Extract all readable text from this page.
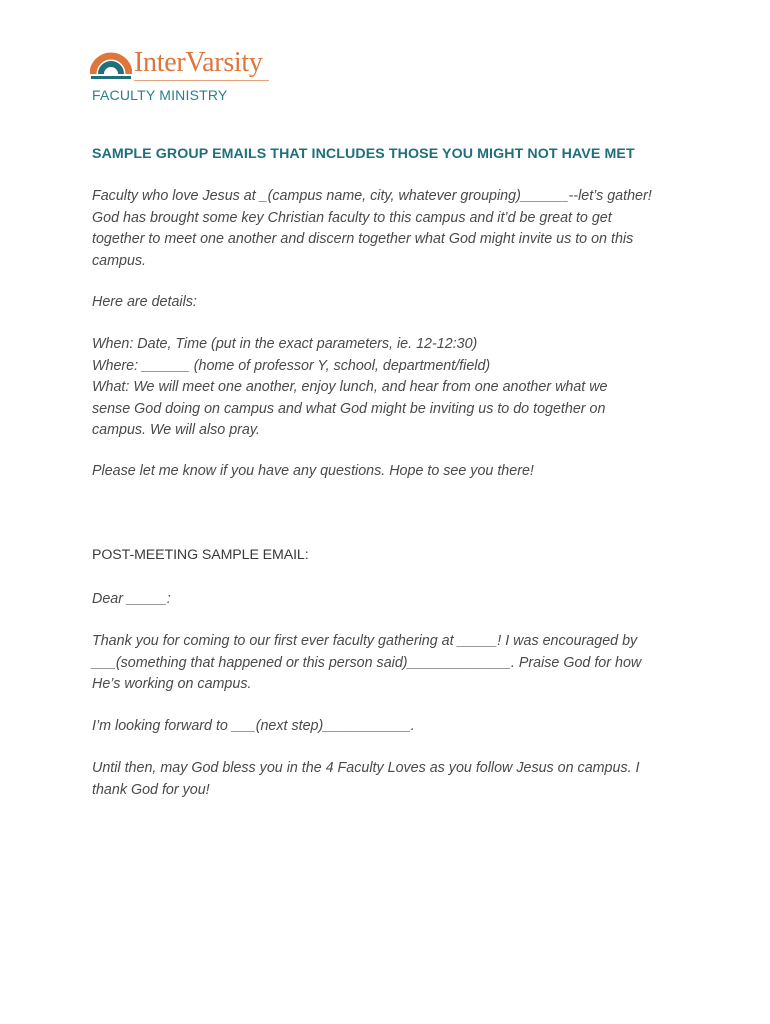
InterVarsity
FACULTY MINISTRY
SAMPLE GROUP EMAILS THAT INCLUDES THOSE YOU MIGHT NOT HAVE MET
Faculty who love Jesus at _(campus name, city, whatever grouping)______--let’s gather!
God has brought some key Christian faculty to this campus and it’d be great to get
together to meet one another and discern together what God might invite us to on this
campus.
Here are details:
When: Date, Time (put in the exact parameters, ie. 12-12:30)
Where: ______ (home of professor Y, school, department/field)
What: We will meet one another, enjoy lunch, and hear from one another what we
sense God doing on campus and what God might be inviting us to do together on
campus. We will also pray.
Please let me know if you have any questions. Hope to see you there!
POST-MEETING SAMPLE EMAIL:
Dear _____:
Thank you for coming to our first ever faculty gathering at _____! I was encouraged by
___(something that happened or this person said)_____________. Praise God for how
He’s working on campus.
I’m looking forward to ___(next step)___________.
Until then, may God bless you in the 4 Faculty Loves as you follow Jesus on campus. I
thank God for you!
